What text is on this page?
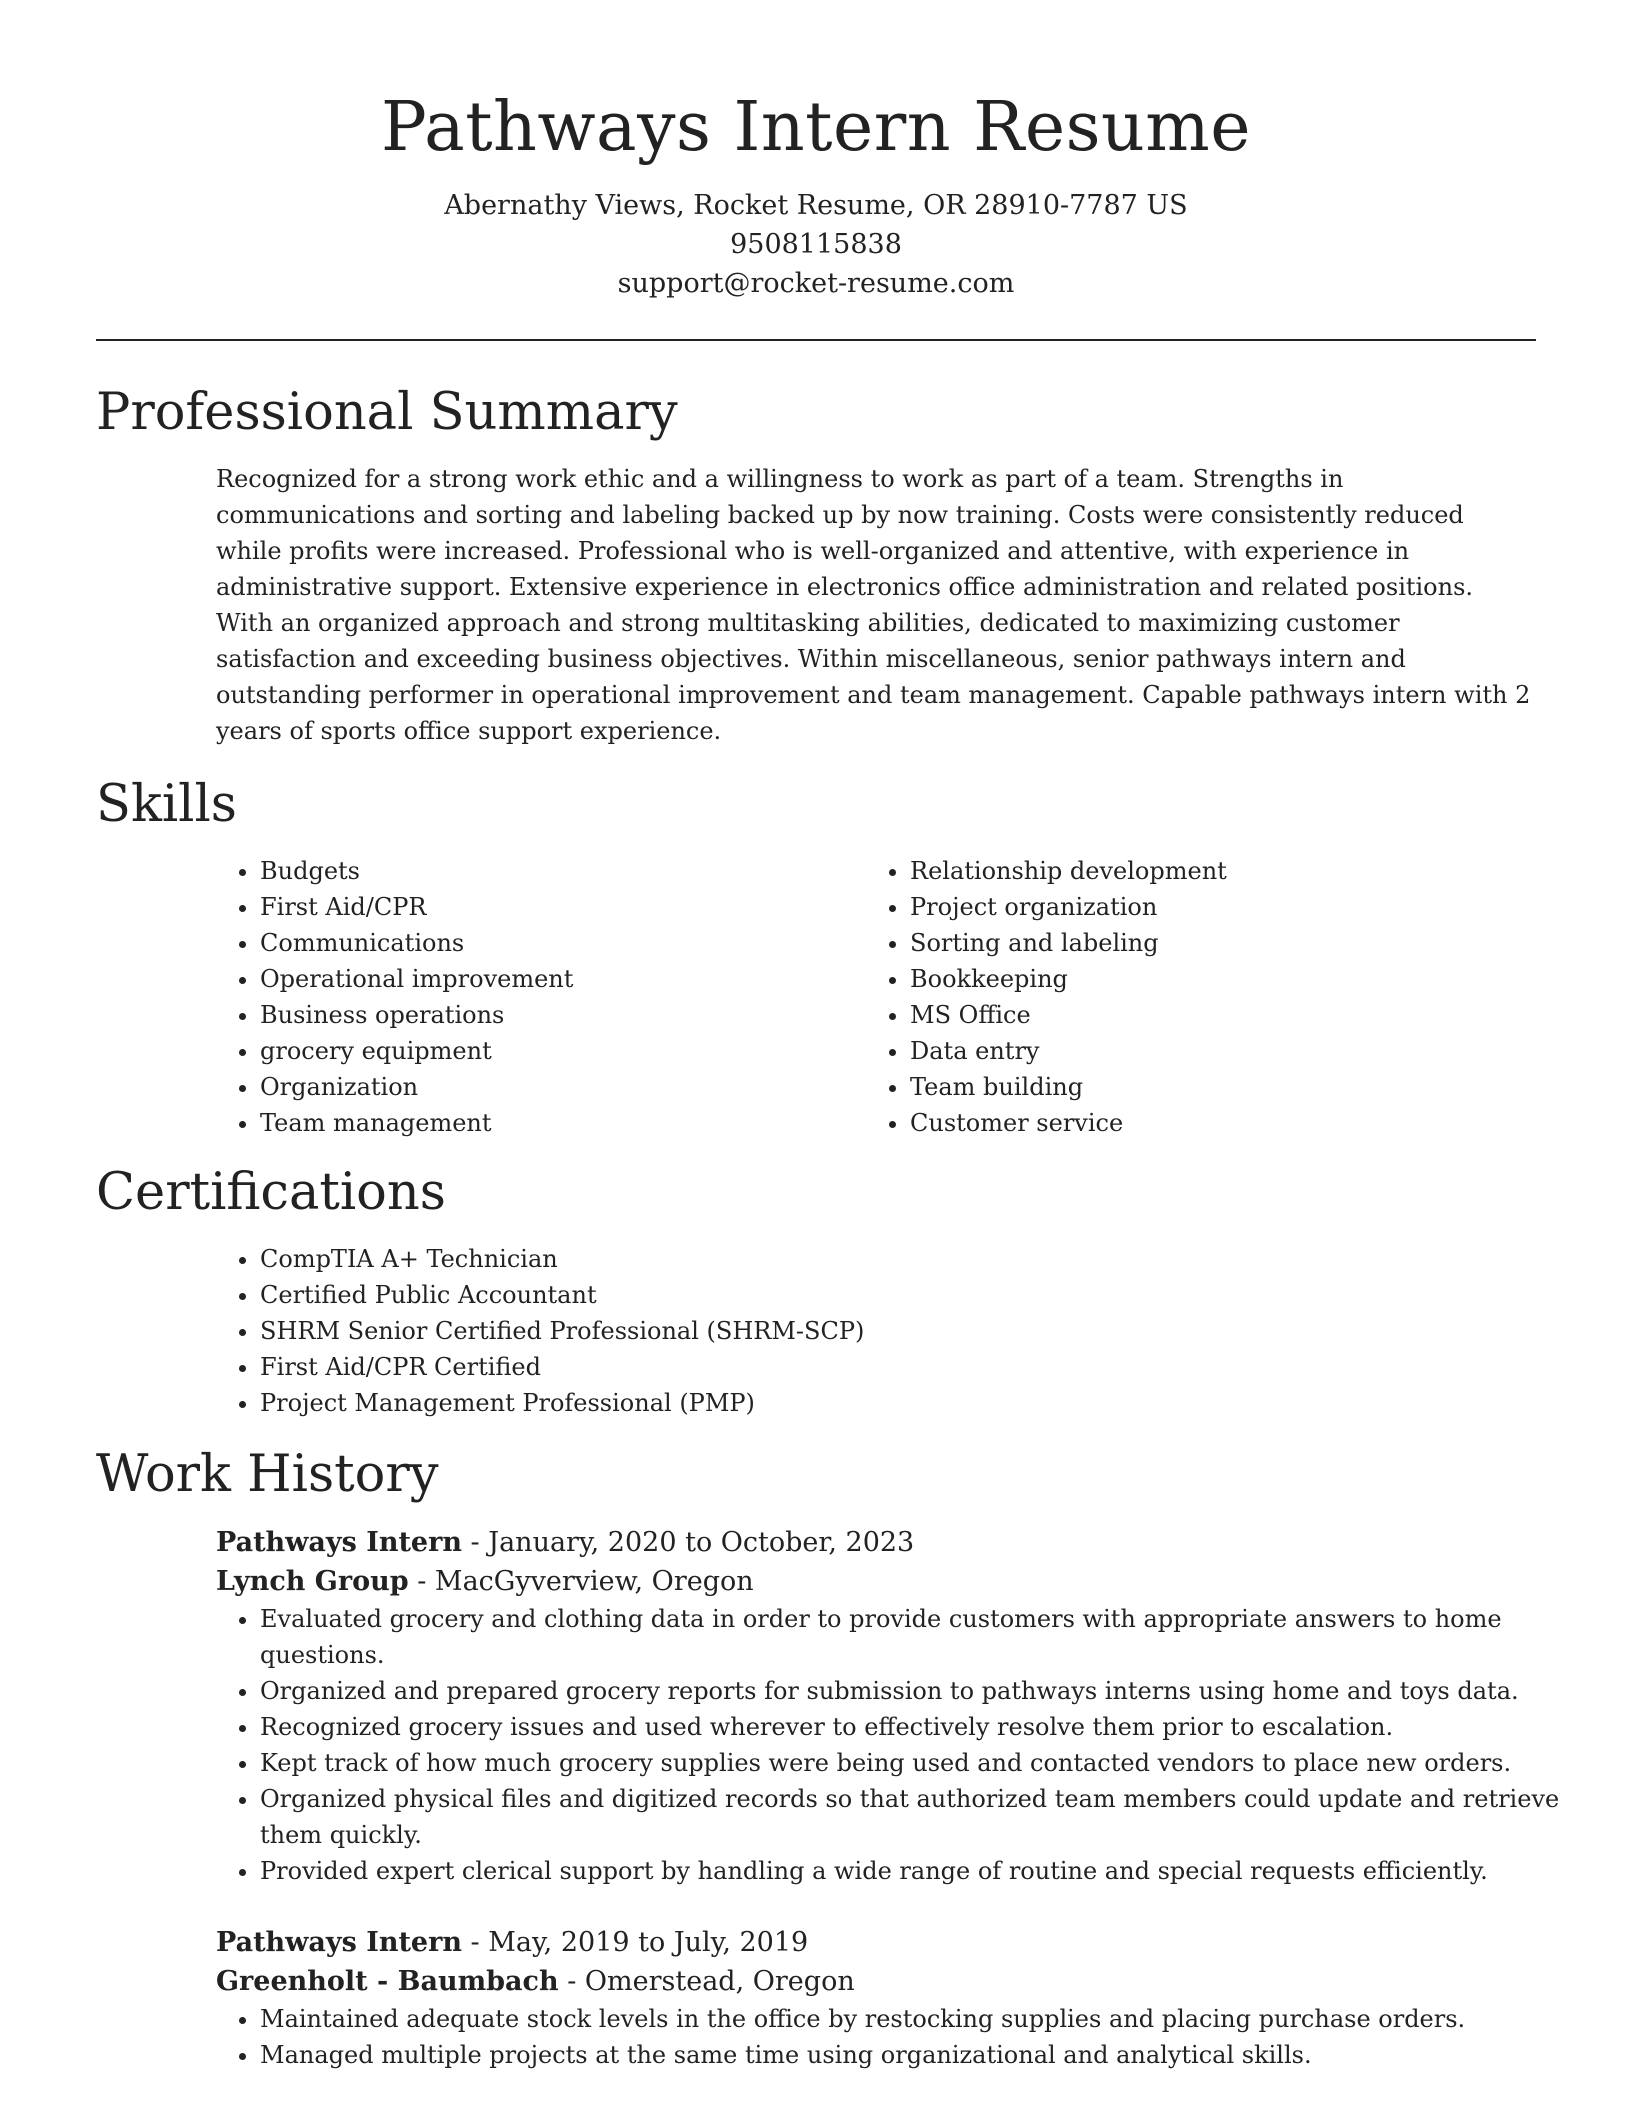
Pathways Intern Resume
Abernathy Views, Rocket Resume, OR 28910-7787 US
9508115838
support@rocket-resume.com
Professional Summary

Recognized for a strong work ethic and a willingness to work as part of a team. Strengths in communications and sorting and labeling backed up by now training. Costs were consistently reduced while profits were increased. Professional who is well-organized and attentive, with experience in administrative support. Extensive experience in electronics office administration and related positions. With an organized approach and strong multitasking abilities, dedicated to maximizing customer satisfaction and exceeding business objectives. Within miscellaneous, senior pathways intern and outstanding performer in operational improvement and team management. Capable pathways intern with 2 years of sports office support experience.

Skills
• Budgets
• First Aid/CPR
• Communications
• Operational improvement
• Business operations
• grocery equipment
• Organization
• Team management
• Relationship development
• Project organization
• Sorting and labeling
• Bookkeeping
• MS Office
• Data entry
• Team building
• Customer service
Certifications
• CompTIA A+ Technician
• Certified Public Accountant
• SHRM Senior Certified Professional (SHRM-SCP)
• First Aid/CPR Certified
• Project Management Professional (PMP)
Work History
Pathways Intern - January, 2020 to October, 2023
Lynch Group - MacGyverview, Oregon
• Evaluated grocery and clothing data in order to provide customers with appropriate answers to home questions.
• Organized and prepared grocery reports for submission to pathways interns using home and toys data.
• Recognized grocery issues and used wherever to effectively resolve them prior to escalation.
• Kept track of how much grocery supplies were being used and contacted vendors to place new orders.
• Organized physical files and digitized records so that authorized team members could update and retrieve them quickly.
• Provided expert clerical support by handling a wide range of routine and special requests efficiently.
Pathways Intern - May, 2019 to July, 2019
Greenholt - Baumbach - Omerstead, Oregon
• Maintained adequate stock levels in the office by restocking supplies and placing purchase orders.
• Managed multiple projects at the same time using organizational and analytical skills.
